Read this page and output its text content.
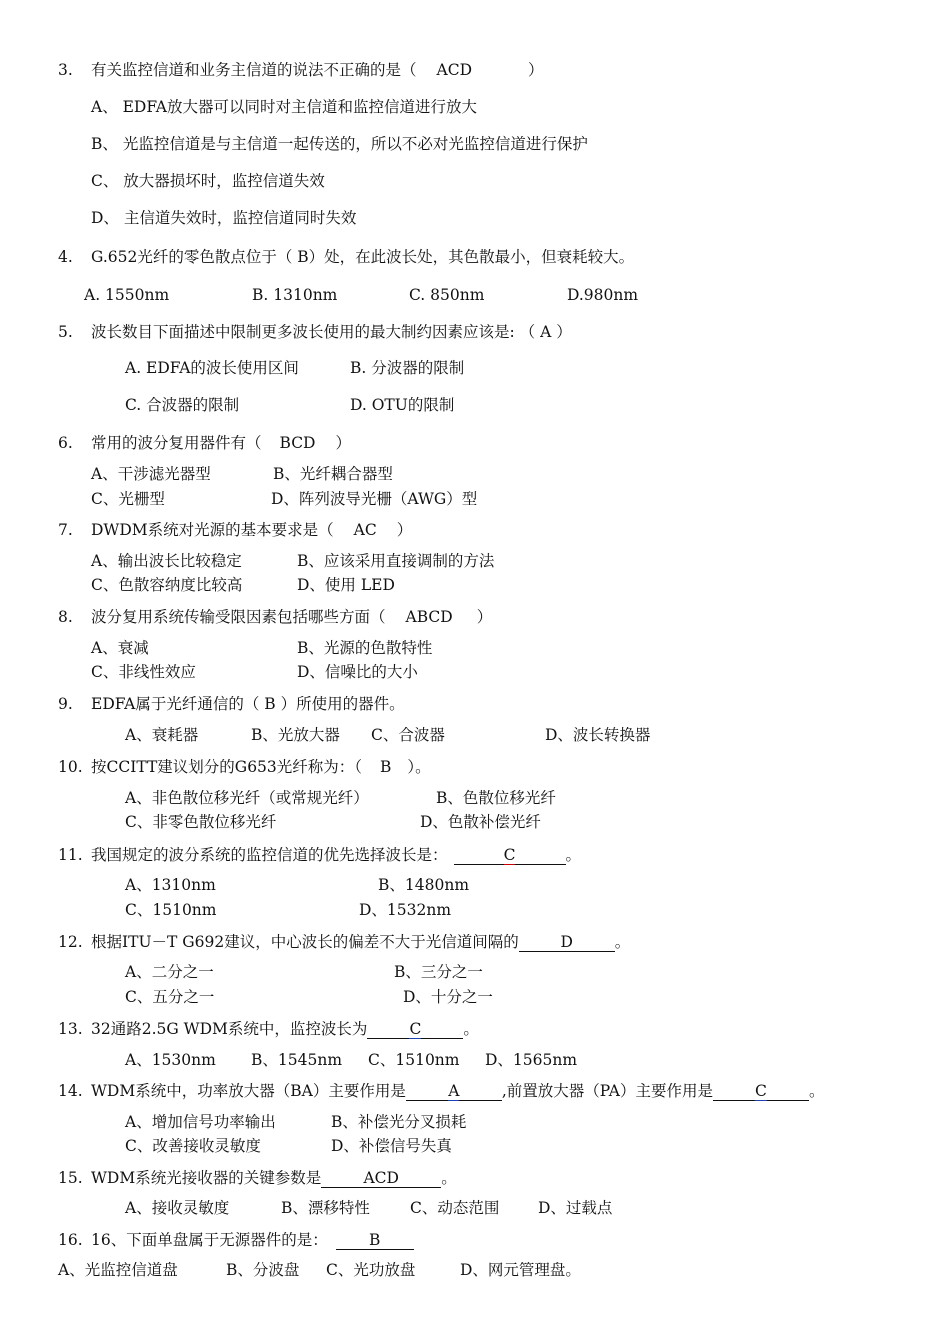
3. 有关监控信道和业务主信道的说法不正确的是（ ACD	）
A、 EDFA放大器可以同时对主信道和监控信道进行放大
B、 光监控信道是与主信道一起传送的，所以不必对光监控信道进行保护
C、 放大器损坏时，监控信道失效
D、 主信道失效时，监控信道同时失效
4. G.652光纤的零色散点位于（ B）处，在此波长处，其色散最小，但衰耗较大。
A. 1550nm	B. 1310nm	C. 850nm	D.980nm
5. 波长数目下面描述中限制更多波长使用的最大制约因素应该是: （ A ）
A. EDFA的波长使用区间	B. 分波器的限制
C. 合波器的限制	D. OTU的限制
6. 常用的波分复用器件有（ BCD ）
A、干涉滤光器型	B、光纤耦合器型
C、光栅型	D、阵列波导光栅（AWG）型
7. DWDM系统对光源的基本要求是（ AC ）
A、输出波长比较稳定	B、应该采用直接调制的方法
C、色散容纳度比较高	D、使用 LED
8. 波分复用系统传输受限因素包括哪些方面（ ABCD ）
A、衰减	B、光源的色散特性
C、非线性效应	D、信噪比的大小
9. EDFA属于光纤通信的（ B ）所使用的器件。
A、衰耗器	B、光放大器 C、合波器	D、波长转换器
10. 按CCITT建议划分的G653光纤称为：（ B ）。
A、非色散位移光纤（或常规光纤）	B、色散位移光纤
C、非零色散位移光纤	D、色散补偿光纤
11. 我国规定的波分系统的监控信道的优先选择波长是：	C	。
A、1310nm	B、1480nm
C、1510nm	D、1532nm
12. 根据ITU－T G692建议，中心波长的偏差不大于光信道间隔的	D	。
A、二分之一	B、三分之一
C、五分之一	D、十分之一
13. 32通路2.5G WDM系统中，监控波长为	C	。
A、1530nm B、1545nm C、1510nm D、1565nm
14. WDM系统中，功率放大器（BA）主要作用是	A	,前置放大器（PA）主要作用是	C	。
A、增加信号功率输出	B、补偿光分叉损耗
C、改善接收灵敏度	D、补偿信号失真
15. WDM系统光接收器的关键参数是	ACD	。
A、接收灵敏度	B、漂移特性	C、动态范围 D、过载点
16. 16、下面单盘属于无源器件的是：	B
A、光监控信道盘	B、分波盘 C、光功放盘	D、网元管理盘。
